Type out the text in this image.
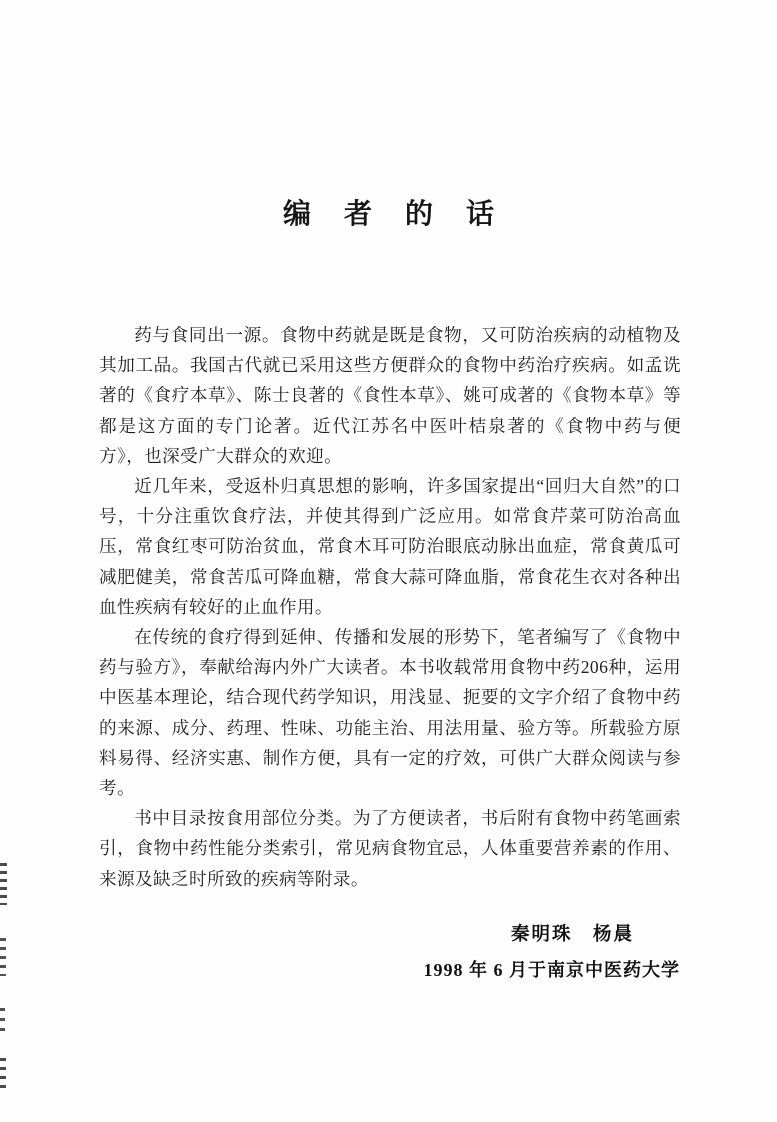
编 者 的 话

药与食同出一源。食物中药就是既是食物，又可防治疾病的动植物及其加工品。我国古代就已采用这些方便群众的食物中药治疗疾病。如孟诜著的《食疗本草》、陈士良著的《食性本草》、姚可成著的《食物本草》等都是这方面的专门论著。近代江苏名中医叶桔泉著的《食物中药与便方》，也深受广大群众的欢迎。

近几年来，受返朴归真思想的影响，许多国家提出“回归大自然”的口号，十分注重饮食疗法，并使其得到广泛应用。如常食芹菜可防治高血压，常食红枣可防治贫血，常食木耳可防治眼底动脉出血症，常食黄瓜可减肥健美，常食苦瓜可降血糖，常食大蒜可降血脂，常食花生衣对各种出血性疾病有较好的止血作用。

在传统的食疗得到延伸、传播和发展的形势下，笔者编写了《食物中药与验方》，奉献给海内外广大读者。本书收载常用食物中药206种，运用中医基本理论，结合现代药学知识，用浅显、扼要的文字介绍了食物中药的来源、成分、药理、性味、功能主治、用法用量、验方等。所载验方原料易得、经济实惠、制作方便，具有一定的疗效，可供广大群众阅读与参考。

书中目录按食用部位分类。为了方便读者，书后附有食物中药笔画索引，食物中药性能分类索引，常见病食物宜忌，人体重要营养素的作用、来源及缺乏时所致的疾病等附录。

秦明珠　杨晨
1998 年 6 月于南京中医药大学
